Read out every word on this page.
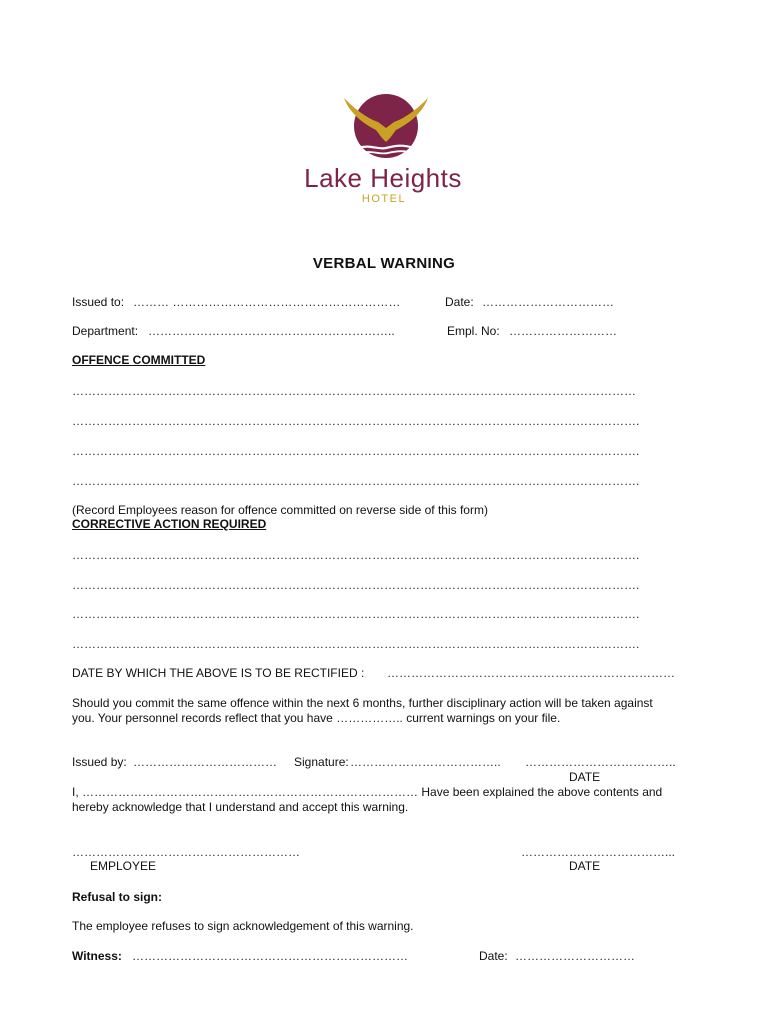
Lake Heights
HOTEL
VERBAL WARNING
Issued to: ……… …………………………………………………	Date: ……………………………
Department: ……………………………………………………..	Empl. No: ………………………
OFFENCE COMMITTED
……………………………………………………………………………………………………………………………
…………………………………………………………………………………………………………………………….
…………………………………………………………………………………………………………………………….
…………………………………………………………………………………………………………………………….
(Record Employees reason for offence committed on reverse side of this form)
CORRECTIVE ACTION REQUIRED
…………………………………………………………………………………………………………………………….
…………………………………………………………………………………………………………………………….
…………………………………………………………………………………………………………………………….
…………………………………………………………………………………………………………………………….
DATE BY WHICH THE ABOVE IS TO BE RECTIFIED : ………………………………………………………………
Should you commit the same offence within the next 6 months, further disciplinary action will be taken against
you. Your personnel records reflect that you have …………….. current warnings on your file.
Issued by: ……………………………… Signature: ……………………………….. ………………………………..
DATE
I, ………………………………………………………………………… Have been explained the above contents and
hereby acknowledge that I understand and accept this warning.
…………………………………………………
EMPLOYEE
………………………………...
DATE
Refusal to sign:
The employee refuses to sign acknowledgement of this warning.
Witness: ……………………………………………………………	Date: …………………………
